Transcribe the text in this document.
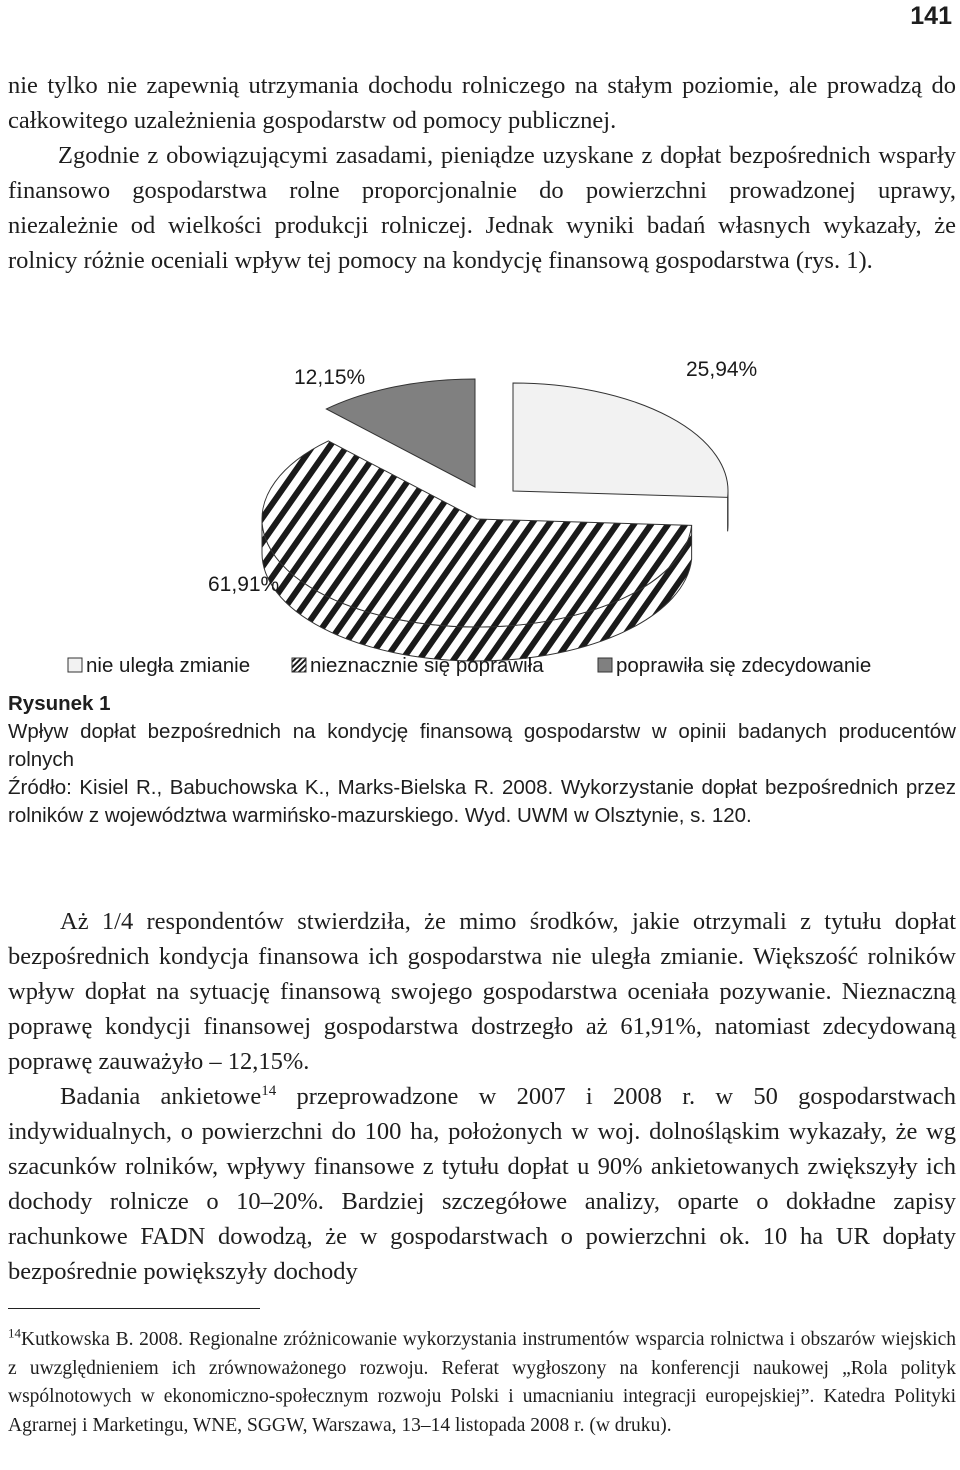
141
nie tylko nie zapewnią utrzymania dochodu rolniczego na stałym poziomie, ale prowadzą do całkowitego uzależnienia gospodarstw od pomocy publicznej.
Zgodnie z obowiązującymi zasadami, pieniądze uzyskane z dopłat bezpośrednich wsparły finansowo gospodarstwa rolne proporcjonalnie do powierzchni prowadzonej uprawy, niezależnie od wielkości produkcji rolniczej. Jednak wyniki badań własnych wykazały, że rolnicy różnie oceniali wpływ tej pomocy na kondycję finansową gospodarstwa (rys. 1).
25,94%
61,91%
12,15%
nie uległa zmianie	nieznacznie się poprawiła	poprawiła się zdecydowanie
Rysunek 1
Wpływ dopłat bezpośrednich na kondycję finansową gospodarstw w opinii badanych producentów rolnych
Źródło: Kisiel R., Babuchowska K., Marks-Bielska R. 2008. Wykorzystanie dopłat bezpośrednich przez rolników z województwa warmińsko-mazurskiego. Wyd. UWM w Olsztynie, s. 120.

Aż 1/4 respondentów stwierdziła, że mimo środków, jakie otrzymali z tytułu dopłat bezpośrednich kondycja finansowa ich gospodarstwa nie uległa zmianie. Większość rolników wpływ dopłat na sytuację finansową swojego gospodarstwa oceniała pozywanie. Nieznaczną poprawę kondycji finansowej gospodarstwa dostrzegło aż 61,91%, natomiast zdecydowaną poprawę zauważyło – 12,15%.

Badania ankietowe$^{14}$ przeprowadzone w 2007 i 2008 r. w 50 gospodarstwach indywidualnych, o powierzchni do 100 ha, położonych w woj. dolnośląskim wykazały, że wg szacunków rolników, wpływy finansowe z tytułu dopłat u 90% ankietowanych zwiększyły ich dochody rolnicze o 10–20%. Bardziej szczegółowe analizy, oparte o dokładne zapisy rachunkowe FADN dowodzą, że w gospodarstwach o powierzchni ok. 10 ha UR dopłaty bezpośrednie powiększyły dochody

$^{14}$Kutkowska B. 2008. Regionalne zróżnicowanie wykorzystania instrumentów wsparcia rolnictwa i obszarów wiejskich z uwzględnieniem ich zrównoważonego rozwoju. Referat wygłoszony na konferencji naukowej „Rola polityk wspólnotowych w ekonomiczno-społecznym rozwoju Polski i umacnianiu integracji europejskiej”. Katedra Polityki Agrarnej i Marketingu, WNE, SGGW, Warszawa, 13–14 listopada 2008 r. (w druku).
